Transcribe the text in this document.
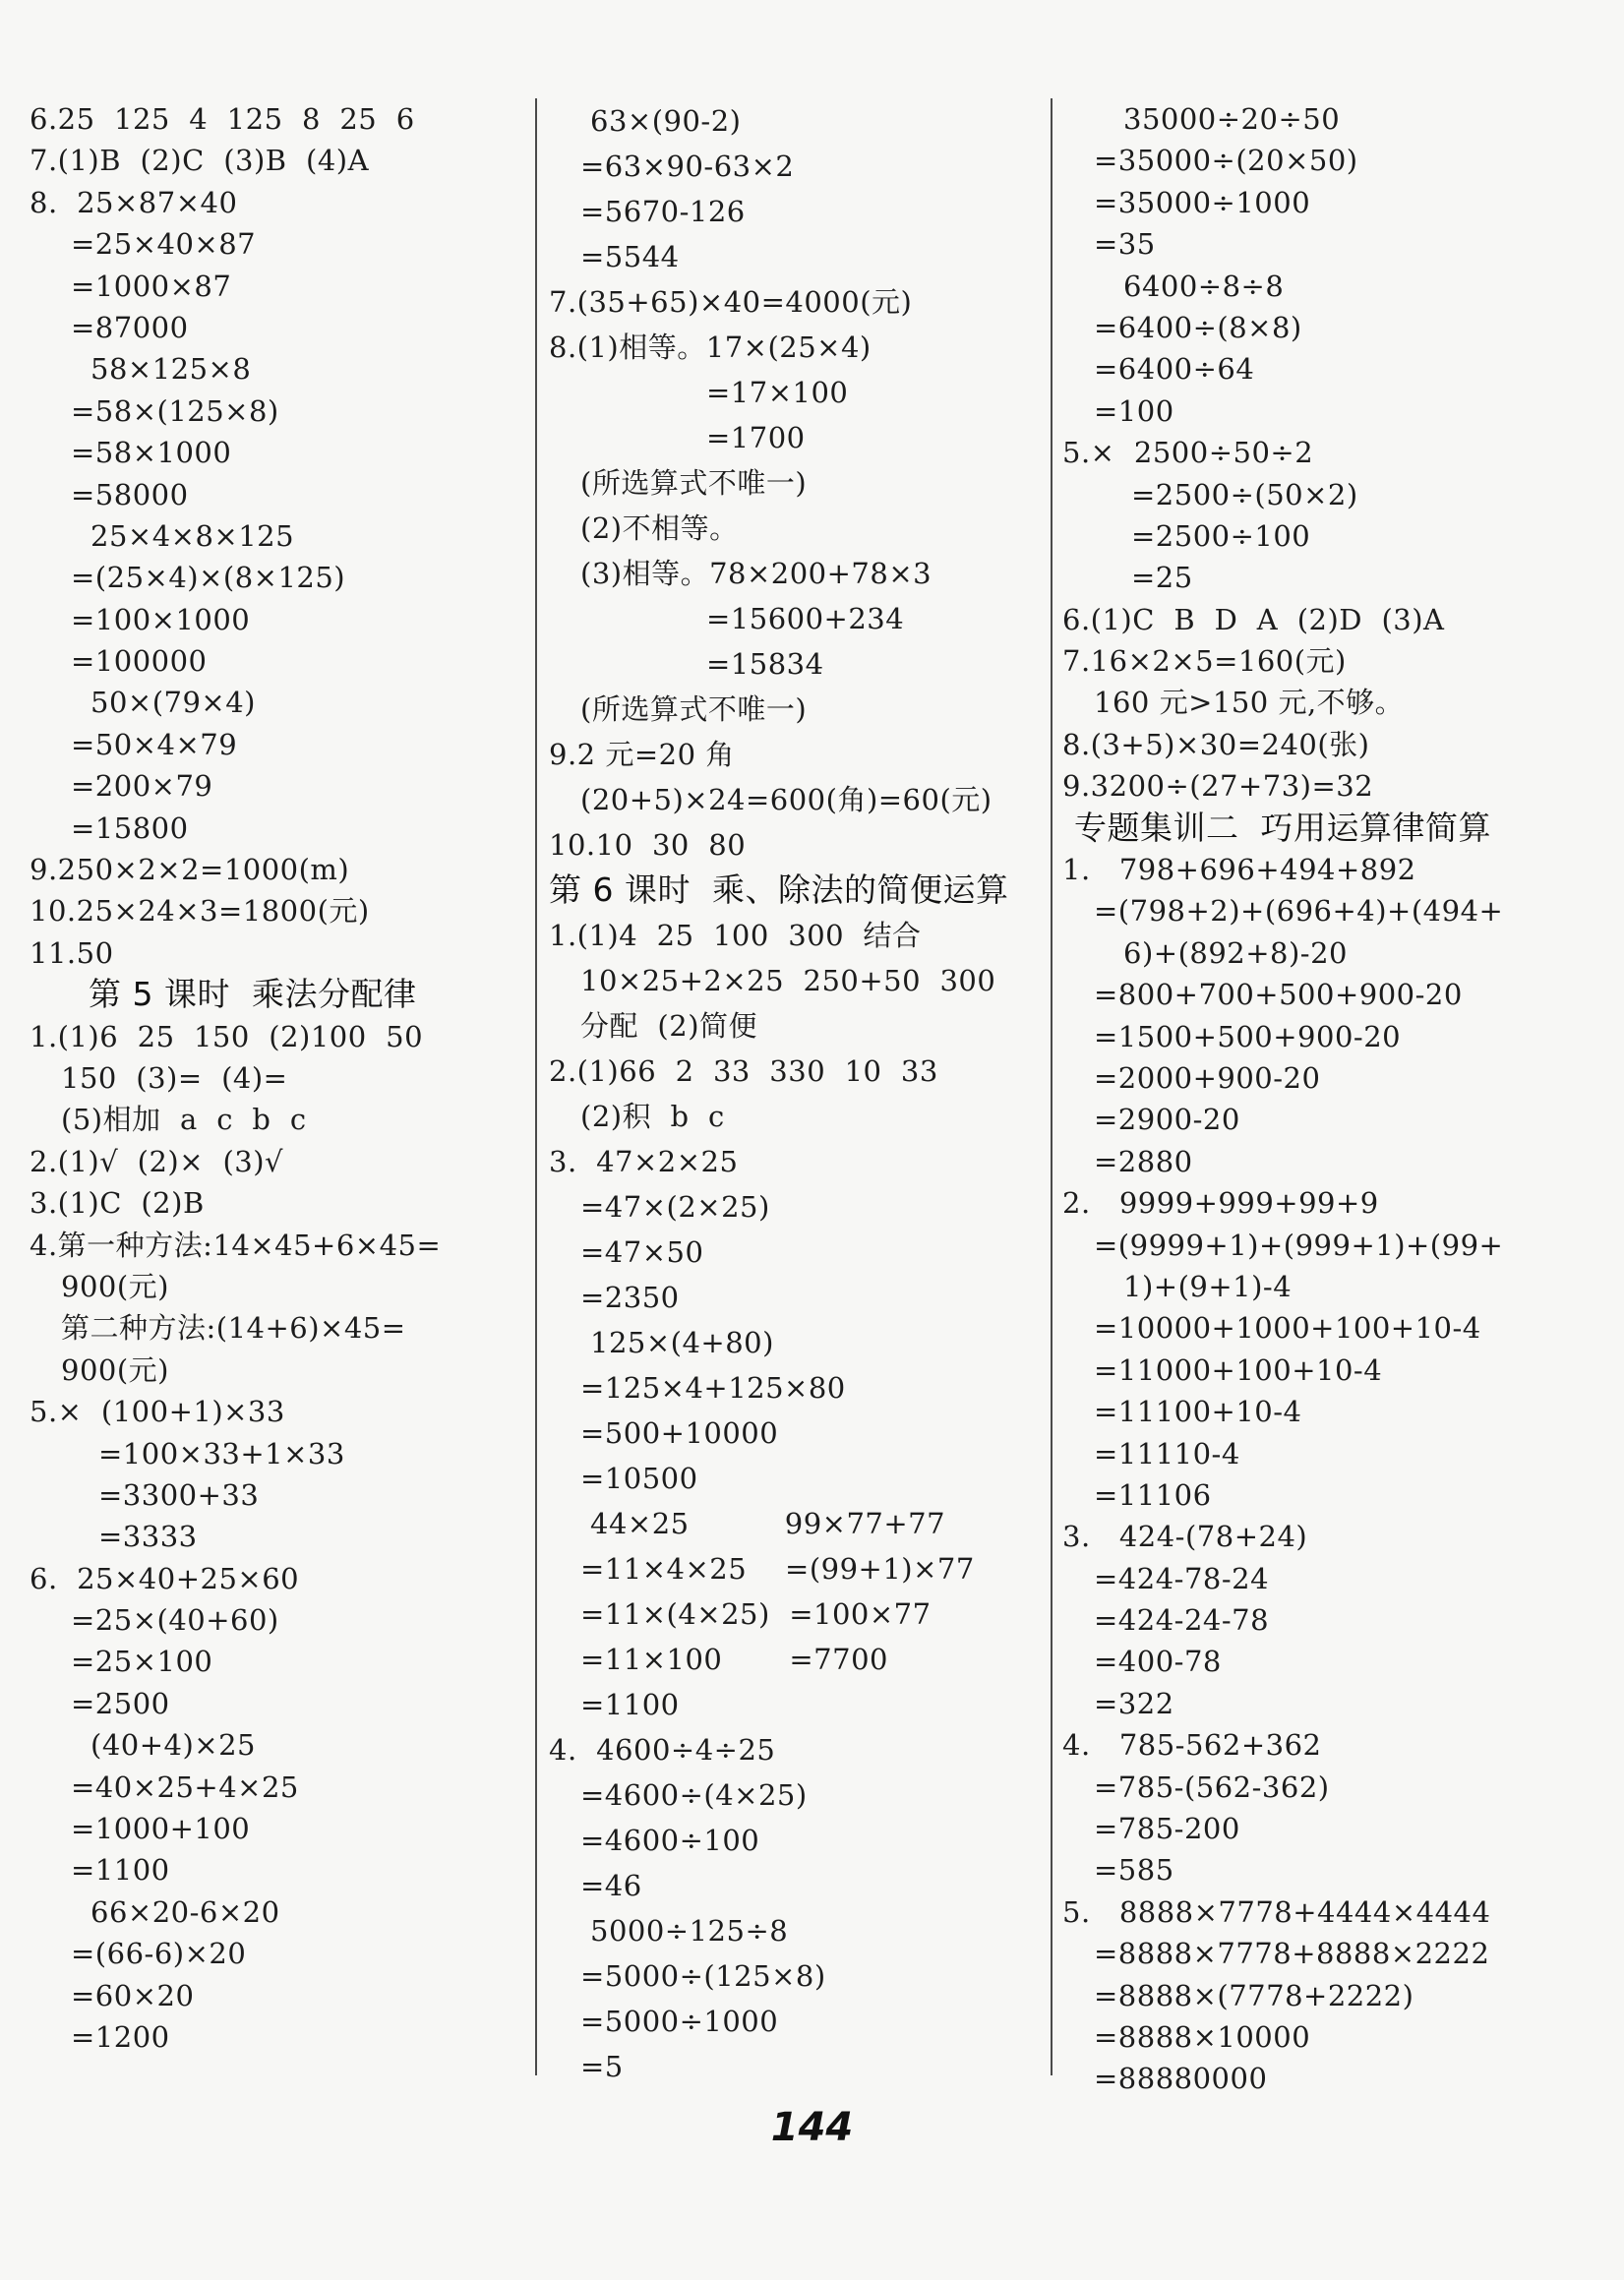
6.25  125  4  125  8  25  6
7.(1)B  (2)C  (3)B  (4)A
8.  25×87×40
=25×40×87
=1000×87
=87000
58×125×8
=58×(125×8)
=58×1000
=58000
25×4×8×125
=(25×4)×(8×125)
=100×1000
=100000
50×(79×4)
=50×4×79
=200×79
=15800
9.250×2×2=1000(m)
10.25×24×3=1800(元)
11.50
第 5 课时  乘法分配律
1.(1)6  25  150  (2)100  50
150  (3)=  (4)=
(5)相加  a  c  b  c
2.(1)√  (2)×  (3)√
3.(1)C  (2)B
4.第一种方法:14×45+6×45=
900(元)
第二种方法:(14+6)×45=
900(元)
5.×  (100+1)×33
=100×33+1×33
=3300+33
=3333
6.  25×40+25×60
=25×(40+60)
=25×100
=2500
(40+4)×25
=40×25+4×25
=1000+100
=1100
66×20-6×20
=(66-6)×20
=60×20
=1200
63×(90-2)
=63×90-63×2
=5670-126
=5544
7.(35+65)×40=4000(元)
8.(1)相等。17×(25×4)
=17×100
=1700
(所选算式不唯一)
(2)不相等。
(3)相等。78×200+78×3
=15600+234
=15834
(所选算式不唯一)
9.2 元=20 角
(20+5)×24=600(角)=60(元)
10.10  30  80
第 6 课时  乘、除法的简便运算
1.(1)4  25  100  300  结合
10×25+2×25  250+50  300
分配  (2)简便
2.(1)66  2  33  330  10  33
(2)积  b  c
3.  47×2×25
=47×(2×25)
=47×50
=2350
125×(4+80)
=125×4+125×80
=500+10000
=10500
44×25          99×77+77
=11×4×25    =(99+1)×77
=11×(4×25)  =100×77
=11×100       =7700
=1100
4.  4600÷4÷25
=4600÷(4×25)
=4600÷100
=46
5000÷125÷8
=5000÷(125×8)
=5000÷1000
=5
35000÷20÷50
=35000÷(20×50)
=35000÷1000
=35
6400÷8÷8
=6400÷(8×8)
=6400÷64
=100
5.×  2500÷50÷2
=2500÷(50×2)
=2500÷100
=25
6.(1)C  B  D  A  (2)D  (3)A
7.16×2×5=160(元)
160 元>150 元,不够。
8.(3+5)×30=240(张)
9.3200÷(27+73)=32
专题集训二  巧用运算律简算
1.   798+696+494+892
=(798+2)+(696+4)+(494+
6)+(892+8)-20
=800+700+500+900-20
=1500+500+900-20
=2000+900-20
=2900-20
=2880
2.   9999+999+99+9
=(9999+1)+(999+1)+(99+
1)+(9+1)-4
=10000+1000+100+10-4
=11000+100+10-4
=11100+10-4
=11110-4
=11106
3.   424-(78+24)
=424-78-24
=424-24-78
=400-78
=322
4.   785-562+362
=785-(562-362)
=785-200
=585
5.   8888×7778+4444×4444
=8888×7778+8888×2222
=8888×(7778+2222)
=8888×10000
=88880000
144
